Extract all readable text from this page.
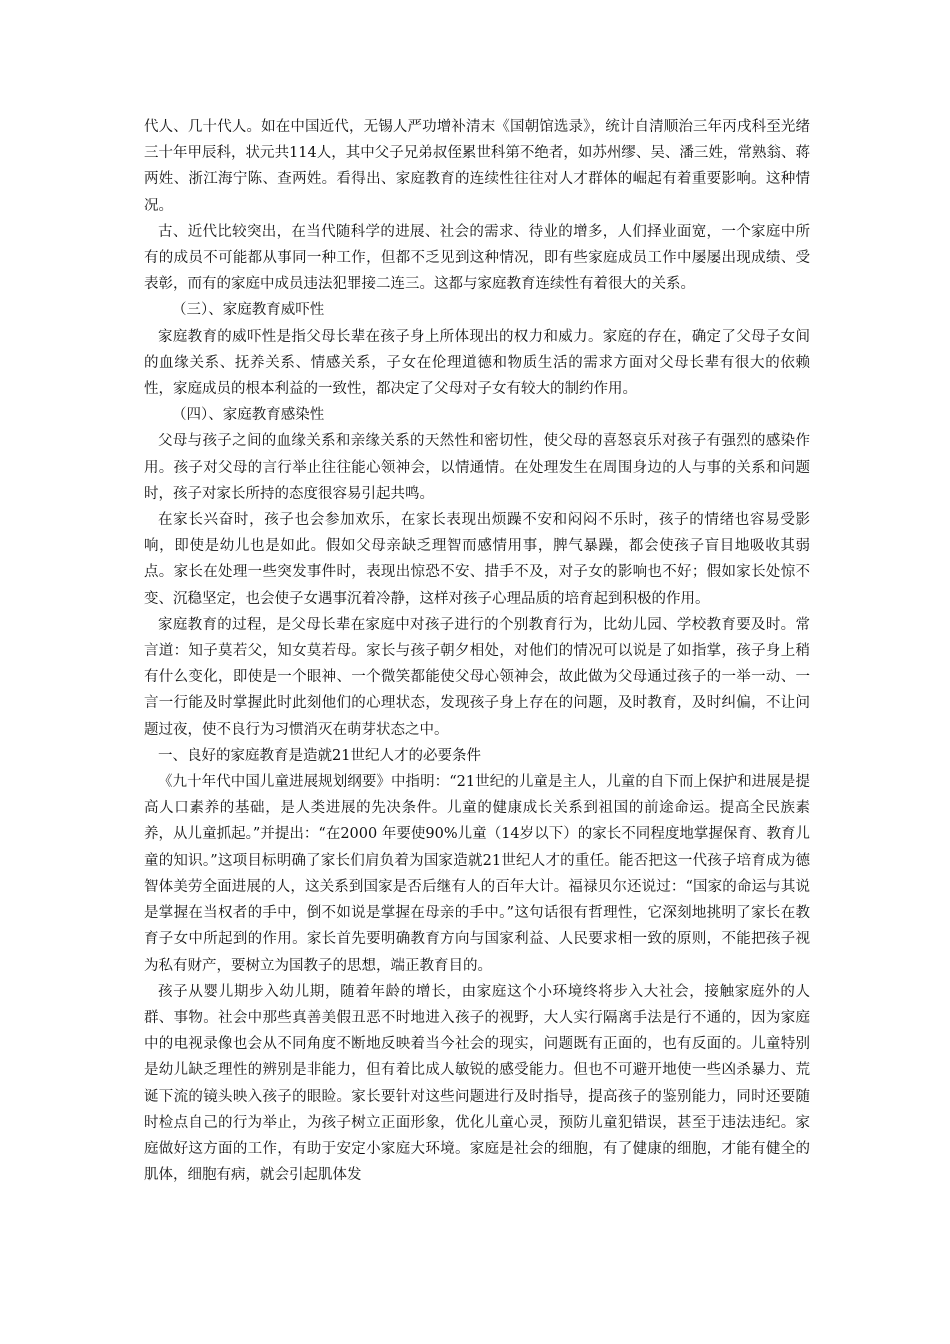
代人、几十代人。如在中国近代，无锡人严功增补清末《国朝馆选录》，统计自清顺治三年丙戌科至光绪三十年甲辰科，状元共114人，其中父子兄弟叔侄累世科第不绝者，如苏州缪、吴、潘三姓，常熟翁、蒋两姓、浙江海宁陈、查两姓。看得出、家庭教育的连续性往往对人才群体的崛起有着重要影响。这种情况。

古、近代比较突出，在当代随科学的进展、社会的需求、待业的增多，人们择业面宽，一个家庭中所有的成员不可能都从事同一种工作，但都不乏见到这种情况，即有些家庭成员工作中屡屡出现成绩、受表彰，而有的家庭中成员违法犯罪接二连三。这都与家庭教育连续性有着很大的关系。

（三）、家庭教育威吓性

家庭教育的威吓性是指父母长辈在孩子身上所体现出的权力和威力。家庭的存在，确定了父母子女间的血缘关系、抚养关系、情感关系，子女在伦理道德和物质生活的需求方面对父母长辈有很大的依赖性，家庭成员的根本利益的一致性，都决定了父母对子女有较大的制约作用。

（四）、家庭教育感染性

父母与孩子之间的血缘关系和亲缘关系的天然性和密切性，使父母的喜怒哀乐对孩子有强烈的感染作用。孩子对父母的言行举止往往能心领神会，以情通情。在处理发生在周围身边的人与事的关系和问题时，孩子对家长所持的态度很容易引起共鸣。

在家长兴奋时，孩子也会参加欢乐，在家长表现出烦躁不安和闷闷不乐时，孩子的情绪也容易受影响，即使是幼儿也是如此。假如父母亲缺乏理智而感情用事，脾气暴躁，都会使孩子盲目地吸收其弱点。家长在处理一些突发事件时，表现出惊恐不安、措手不及，对子女的影响也不好；假如家长处惊不变、沉稳坚定，也会使子女遇事沉着冷静，这样对孩子心理品质的培育起到积极的作用。

家庭教育的过程，是父母长辈在家庭中对孩子进行的个别教育行为，比幼儿园、学校教育要及时。常言道：知子莫若父，知女莫若母。家长与孩子朝夕相处，对他们的情况可以说是了如指掌，孩子身上稍有什么变化，即使是一个眼神、一个微笑都能使父母心领神会，故此做为父母通过孩子的一举一动、一言一行能及时掌握此时此刻他们的心理状态，发现孩子身上存在的问题，及时教育，及时纠偏，不让问题过夜，使不良行为习惯消灭在萌芽状态之中。

一、良好的家庭教育是造就21世纪人才的必要条件

《九十年代中国儿童进展规划纲要》中指明：“21世纪的儿童是主人，儿童的自下而上保护和进展是提高人口素养的基础，是人类进展的先决条件。儿童的健康成长关系到祖国的前途命运。提高全民族素养，从儿童抓起。”并提出：“在2000 年要使90%儿童（14岁以下）的家长不同程度地掌握保育、教育儿童的知识。”这项目标明确了家长们肩负着为国家造就21世纪人才的重任。能否把这一代孩子培育成为德智体美劳全面进展的人，这关系到国家是否后继有人的百年大计。福禄贝尔还说过：“国家的命运与其说是掌握在当权者的手中，倒不如说是掌握在母亲的手中。”这句话很有哲理性，它深刻地挑明了家长在教育子女中所起到的作用。家长首先要明确教育方向与国家利益、人民要求相一致的原则，不能把孩子视为私有财产，要树立为国教子的思想，端正教育目的。

孩子从婴儿期步入幼儿期，随着年龄的增长，由家庭这个小环境终将步入大社会，接触家庭外的人群、事物。社会中那些真善美假丑恶不时地进入孩子的视野，大人实行隔离手法是行不通的，因为家庭中的电视录像也会从不同角度不断地反映着当今社会的现实，问题既有正面的，也有反面的。儿童特别是幼儿缺乏理性的辨别是非能力，但有着比成人敏锐的感受能力。但也不可避开地使一些凶杀暴力、荒诞下流的镜头映入孩子的眼睑。家长要针对这些问题进行及时指导，提高孩子的鉴别能力，同时还要随时检点自己的行为举止，为孩子树立正面形象，优化儿童心灵，预防儿童犯错误，甚至于违法违纪。家庭做好这方面的工作，有助于安定小家庭大环境。家庭是社会的细胞，有了健康的细胞，才能有健全的肌体，细胞有病，就会引起肌体发
